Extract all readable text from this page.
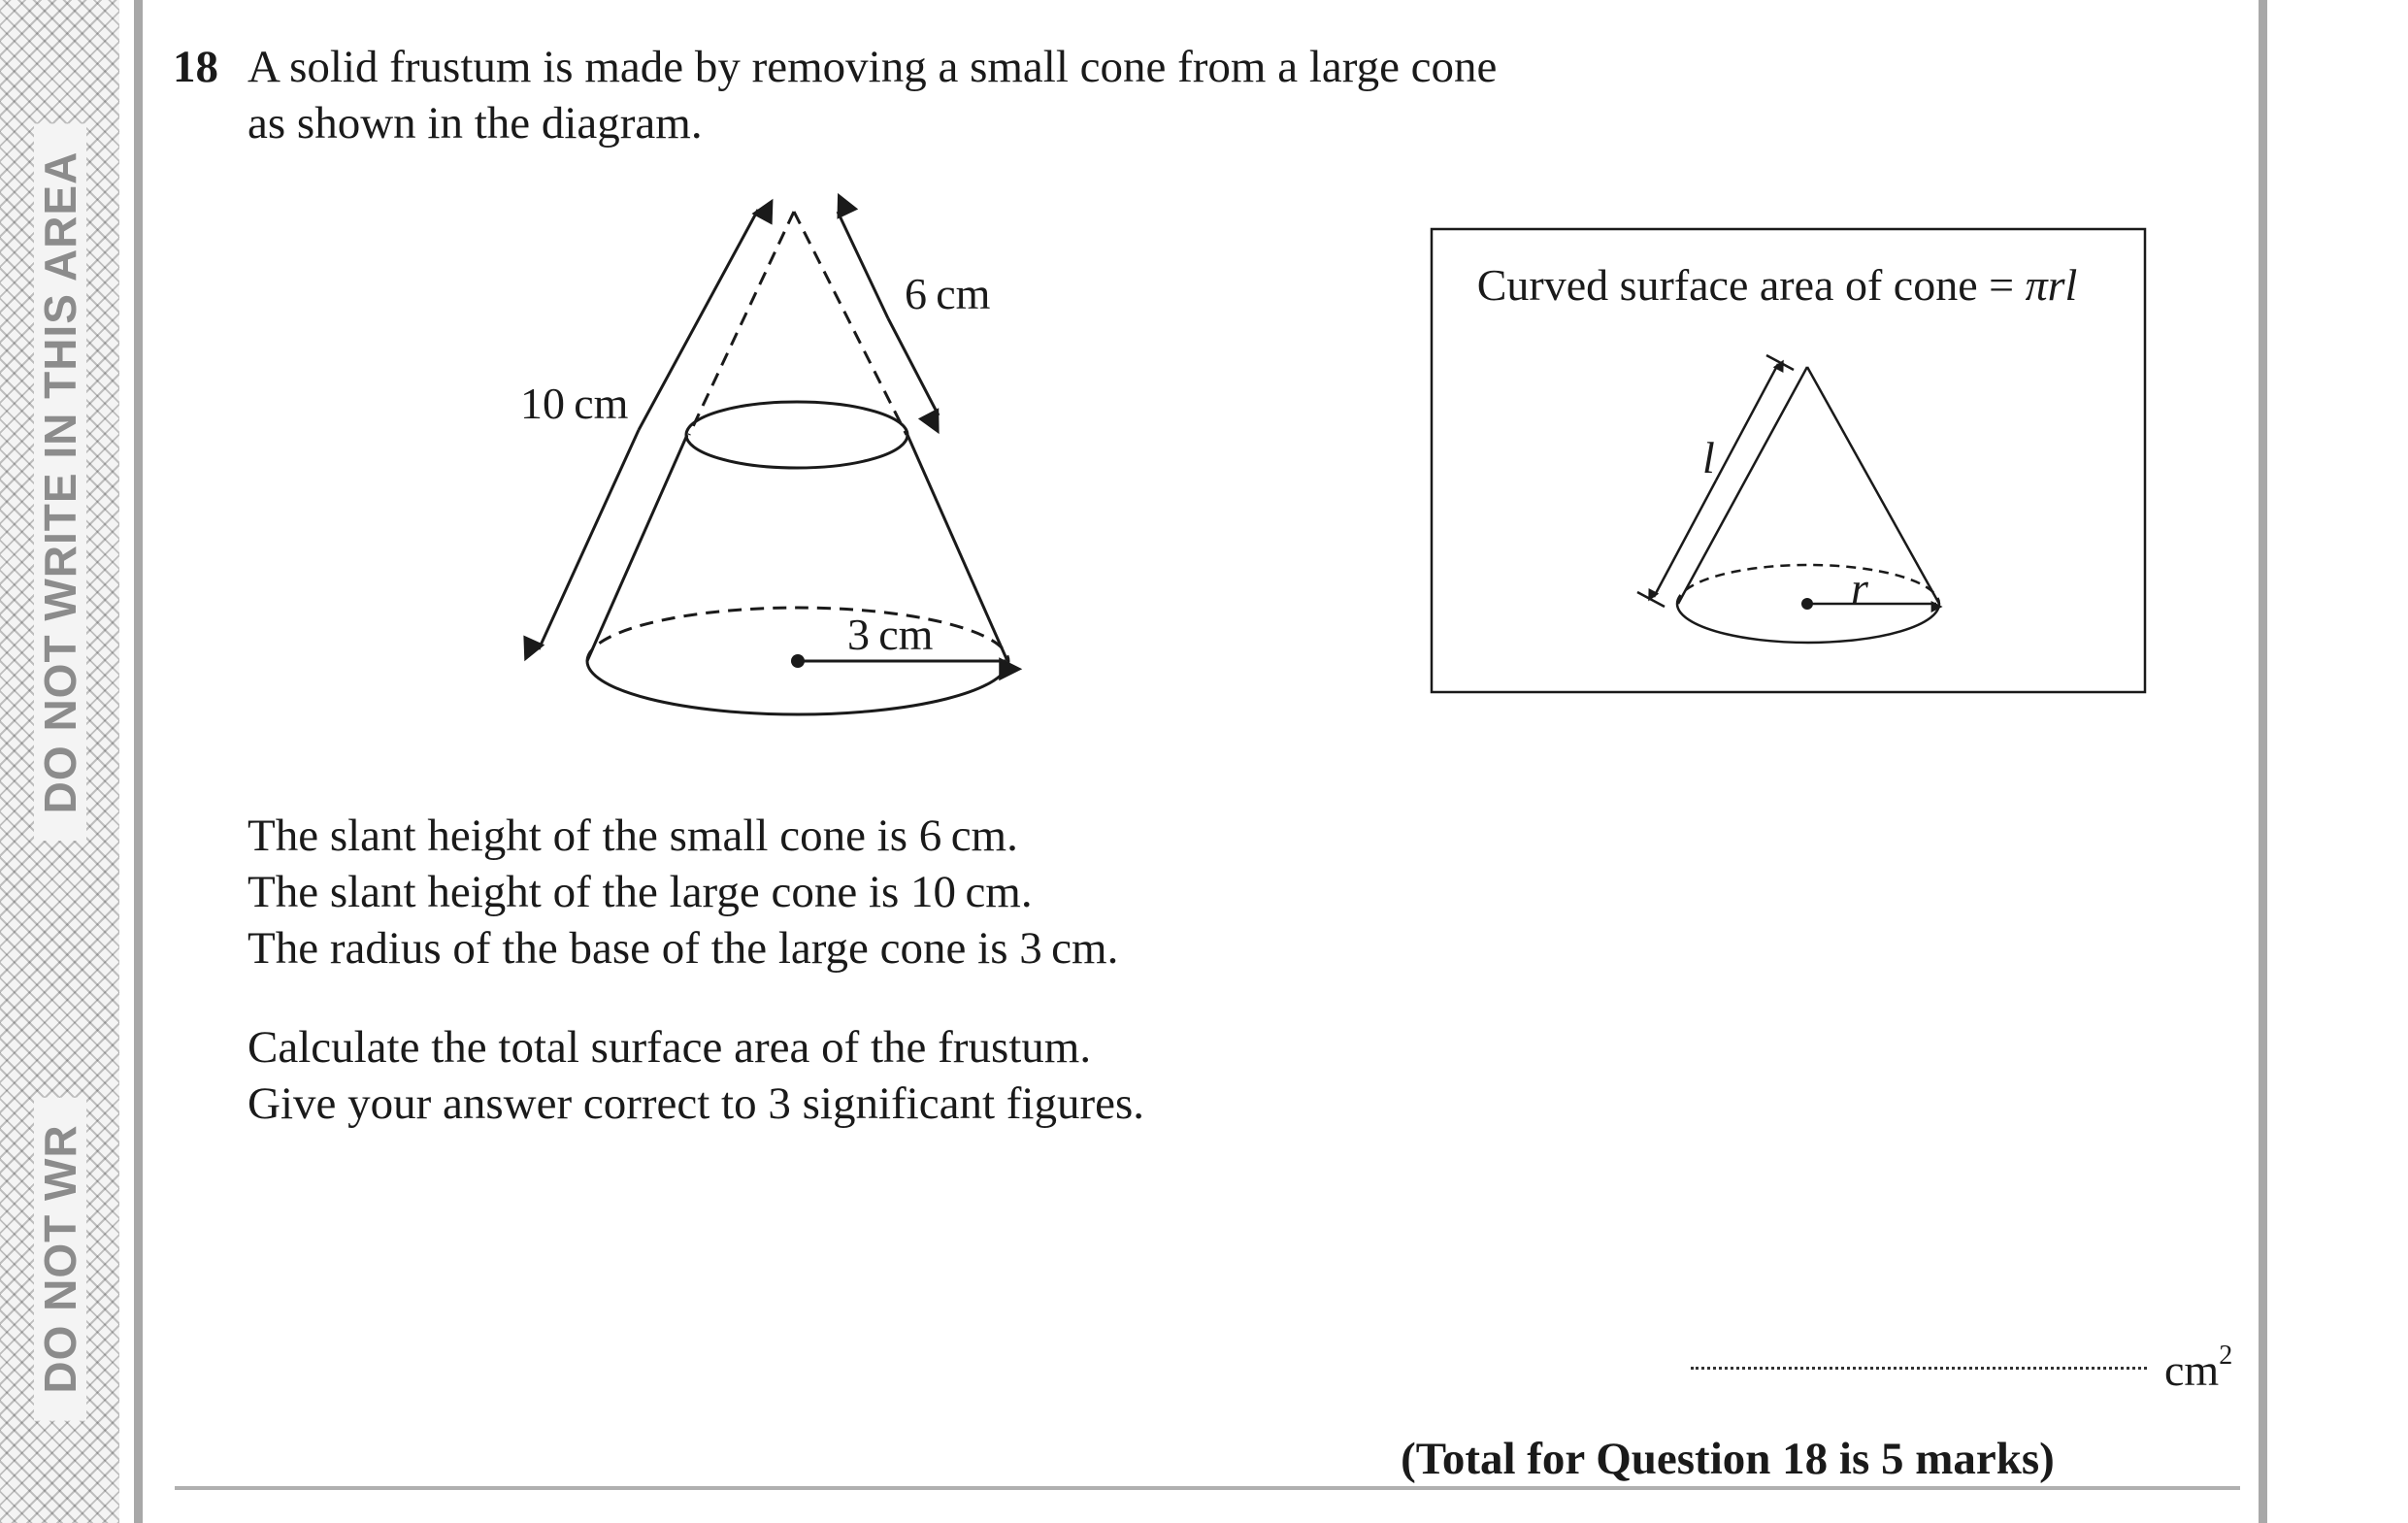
DO NOT WRITE IN THIS AREA
DO NOT WR
18 A solid frustum is made by removing a small cone from a large cone
as shown in the diagram.
6 cm
10 cm
3 cm
Curved surface area of cone = πrl
l
r
The slant height of the small cone is 6 cm.
The slant height of the large cone is 10 cm.
The radius of the base of the large cone is 3 cm.
Calculate the total surface area of the frustum.
Give your answer correct to 3 significant figures.
$cm^2$
(Total for Question 18 is 5 marks)
